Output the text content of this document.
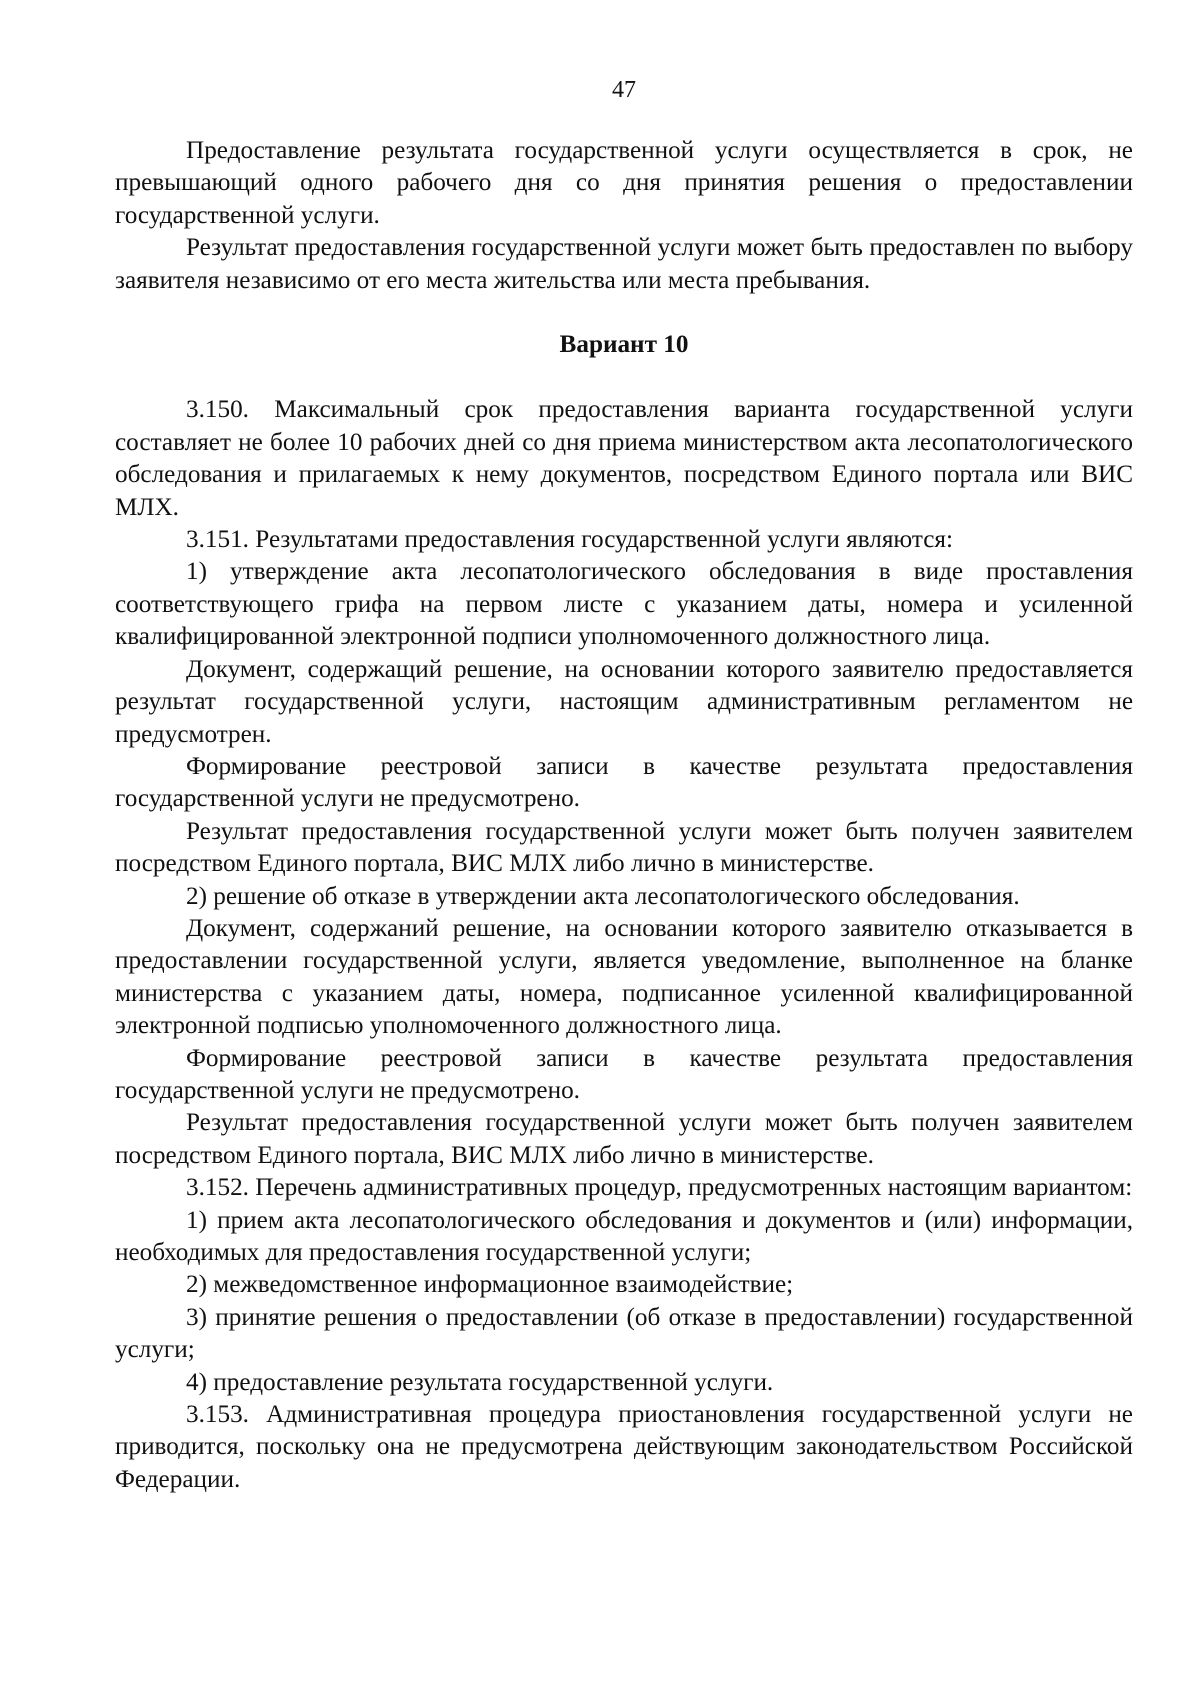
47

Предоставление результата государственной услуги осуществляется в срок, не превышающий одного рабочего дня со дня принятия решения о предоставлении государственной услуги.

Результат предоставления государственной услуги может быть предоставлен по выбору заявителя независимо от его места жительства или места пребывания.

Вариант 10

3.150. Максимальный срок предоставления варианта государственной услуги составляет не более 10 рабочих дней со дня приема министерством акта лесопатологического обследования и прилагаемых к нему документов, посредством Единого портала или ВИС МЛХ.

3.151. Результатами предоставления государственной услуги являются:

1) утверждение акта лесопатологического обследования в виде проставления соответствующего грифа на первом листе с указанием даты, номера и усиленной квалифицированной электронной подписи уполномоченного должностного лица.

Документ, содержащий решение, на основании которого заявителю предоставляется результат государственной услуги, настоящим административным регламентом не предусмотрен.

Формирование реестровой записи в качестве результата предоставления государственной услуги не предусмотрено.

Результат предоставления государственной услуги может быть получен заявителем посредством Единого портала, ВИС МЛХ либо лично в министерстве.

2) решение об отказе в утверждении акта лесопатологического обследования.

Документ, содержаний решение, на основании которого заявителю отказывается в предоставлении государственной услуги, является уведомление, выполненное на бланке министерства с указанием даты, номера, подписанное усиленной квалифицированной электронной подписью уполномоченного должностного лица.

Формирование реестровой записи в качестве результата предоставления государственной услуги не предусмотрено.

Результат предоставления государственной услуги может быть получен заявителем посредством Единого портала, ВИС МЛХ либо лично в министерстве.

3.152. Перечень административных процедур, предусмотренных настоящим вариантом:

1) прием акта лесопатологического обследования и документов и (или) информации, необходимых для предоставления государственной услуги;

2) межведомственное информационное взаимодействие;

3) принятие решения о предоставлении (об отказе в предоставлении) государственной услуги;

4) предоставление результата государственной услуги.

3.153. Административная процедура приостановления государственной услуги не приводится, поскольку она не предусмотрена действующим законодательством Российской Федерации.
